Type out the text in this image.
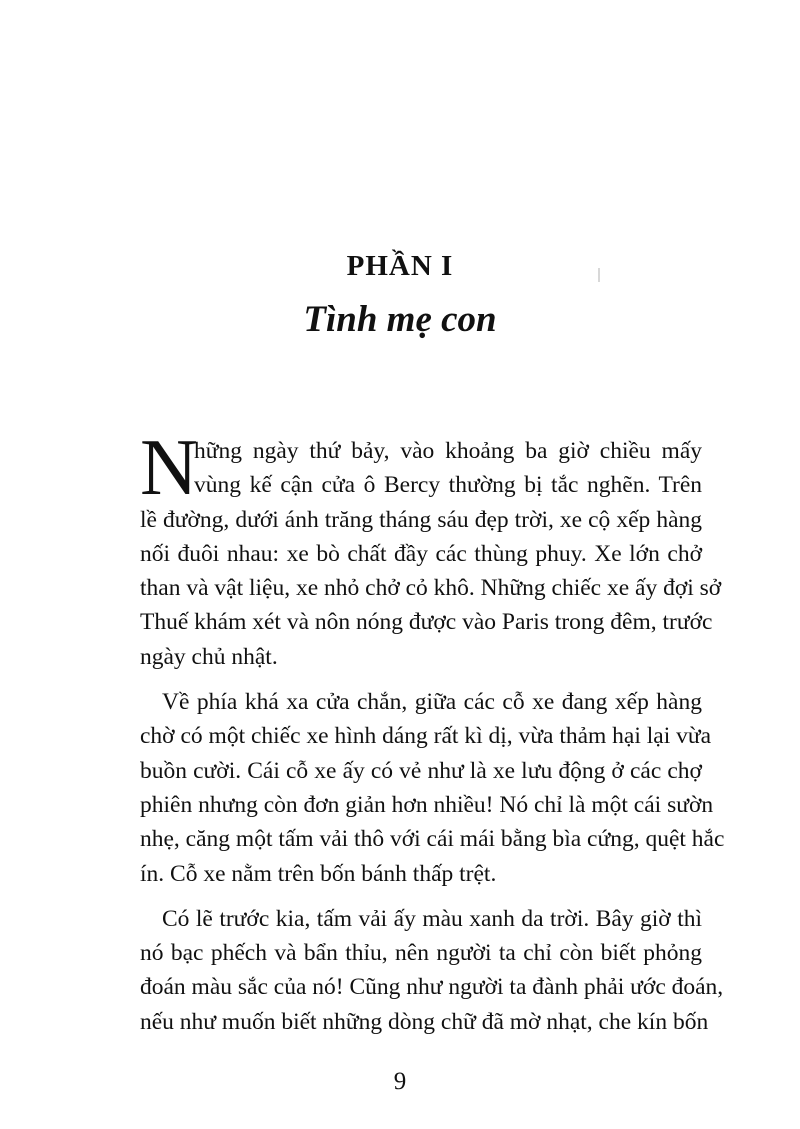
PHẦN I
Tình mẹ con
N
hững ngày thứ bảy, vào khoảng ba giờ chiều mấy
vùng kế cận cửa ô Bercy thường bị tắc nghẽn. Trên
lề đường, dưới ánh trăng tháng sáu đẹp trời, xe cộ xếp hàng
nối đuôi nhau: xe bò chất đầy các thùng phuy. Xe lớn chở
than và vật liệu, xe nhỏ chở cỏ khô. Những chiếc xe ấy đợi sở
Thuế khám xét và nôn nóng được vào Paris trong đêm, trước
ngày chủ nhật.
Về phía khá xa cửa chắn, giữa các cỗ xe đang xếp hàng
chờ có một chiếc xe hình dáng rất kì dị, vừa thảm hại lại vừa
buồn cười. Cái cỗ xe ấy có vẻ như là xe lưu động ở các chợ
phiên nhưng còn đơn giản hơn nhiều! Nó chỉ là một cái sườn
nhẹ, căng một tấm vải thô với cái mái bằng bìa cứng, quệt hắc
ín. Cỗ xe nằm trên bốn bánh thấp trệt.
Có lẽ trước kia, tấm vải ấy màu xanh da trời. Bây giờ thì
nó bạc phếch và bẩn thỉu, nên người ta chỉ còn biết phỏng
đoán màu sắc của nó! Cũng như người ta đành phải ước đoán,
nếu như muốn biết những dòng chữ đã mờ nhạt, che kín bốn
9
